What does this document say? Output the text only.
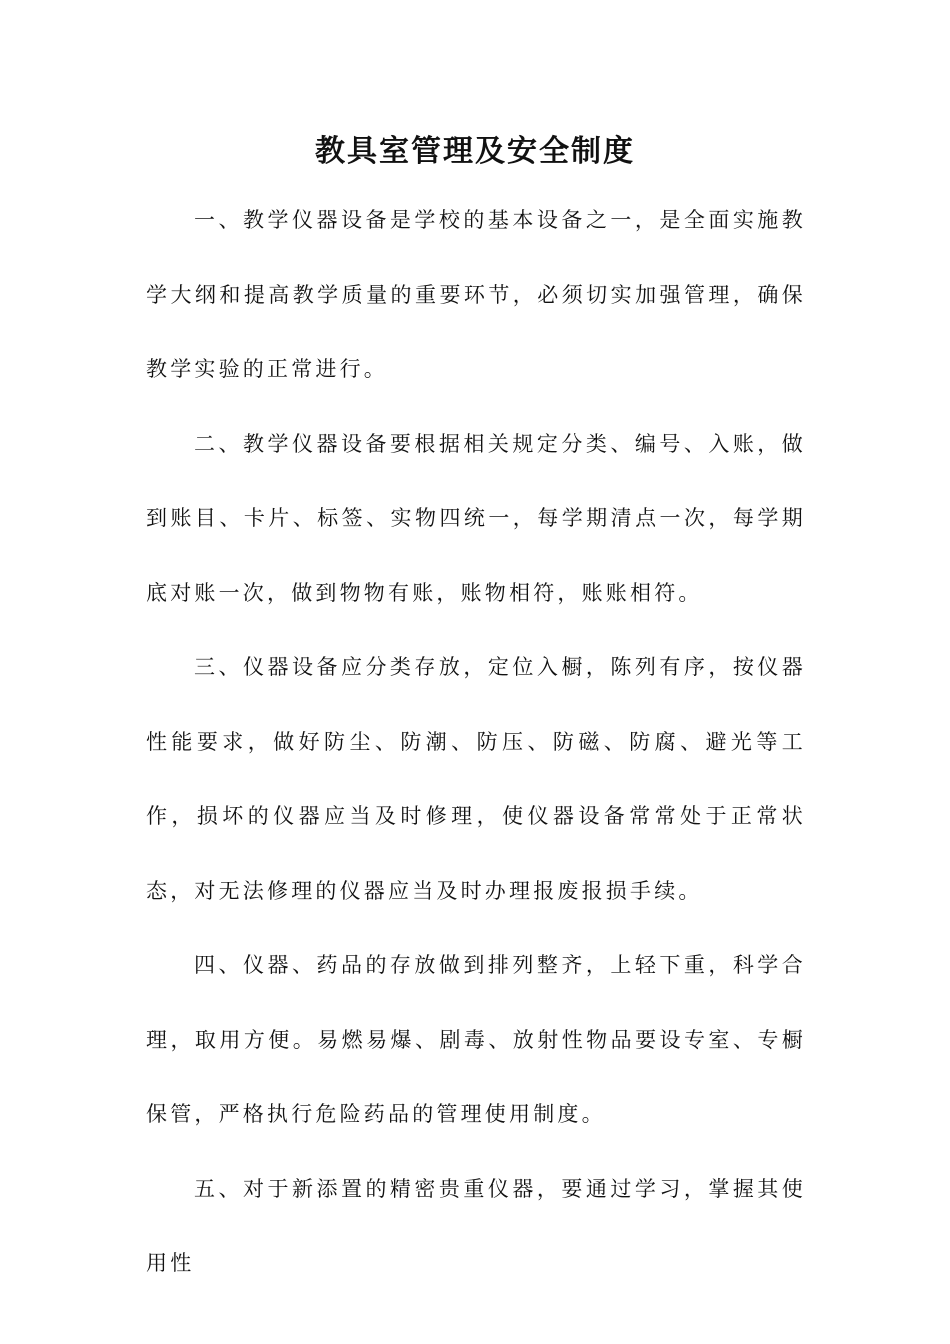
教具室管理及安全制度

一、教学仪器设备是学校的基本设备之一，是全面实施教学大纲和提高教学质量的重要环节，必须切实加强管理，确保教学实验的正常进行。

二、教学仪器设备要根据相关规定分类、编号、入账，做到账目、卡片、标签、实物四统一，每学期清点一次，每学期底对账一次，做到物物有账，账物相符，账账相符。

三、仪器设备应分类存放，定位入橱，陈列有序，按仪器性能要求，做好防尘、防潮、防压、防磁、防腐、避光等工作，损坏的仪器应当及时修理，使仪器设备常常处于正常状态，对无法修理的仪器应当及时办理报废报损手续。

四、仪器、药品的存放做到排列整齐，上轻下重，科学合理，取用方便。易燃易爆、剧毒、放射性物品要设专室、专橱保管，严格执行危险药品的管理使用制度。

五、对于新添置的精密贵重仪器，要通过学习，掌握其使用性
